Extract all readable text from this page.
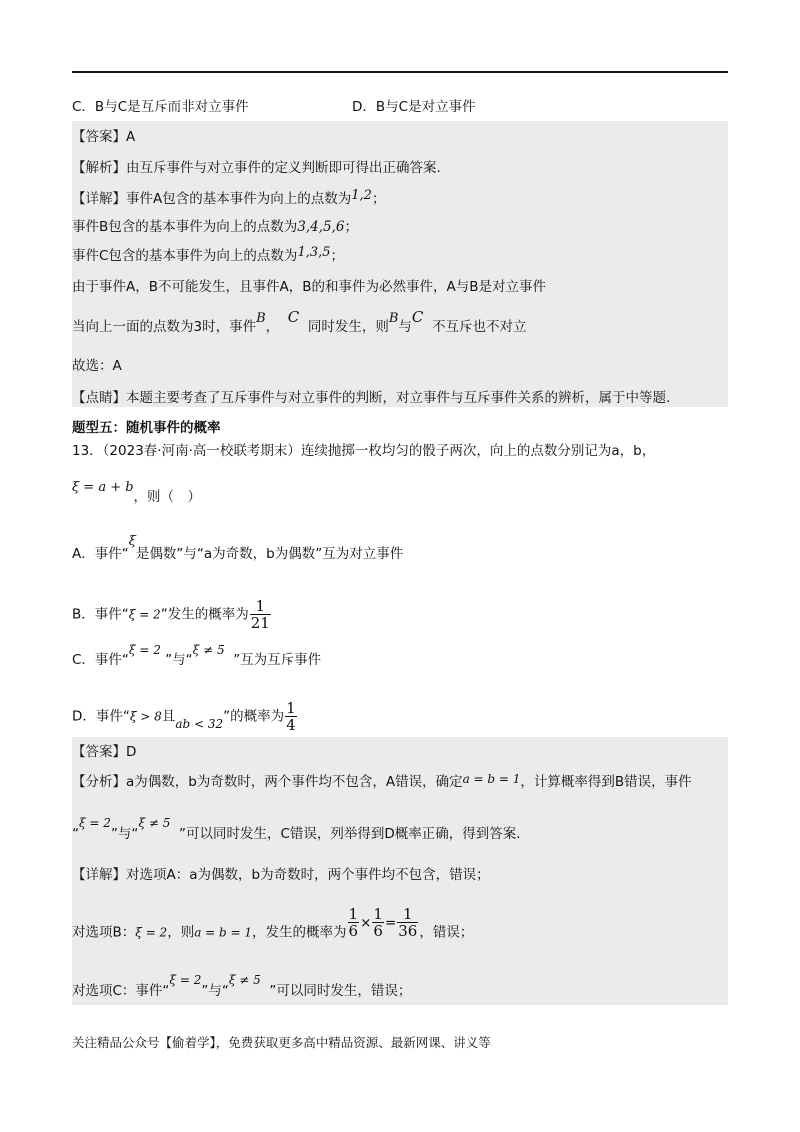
C．B与C是互斥而非对立事件	D．B与C是对立事件
【答案】A
【解析】由互斥事件与对立事件的定义判断即可得出正确答案.
【详解】事件A包含的基本事件为向上的点数为1,2；
事件B包含的基本事件为向上的点数为3,4,5,6；
事件C包含的基本事件为向上的点数为1,3,5；
由于事件A，B不可能发生，且事件A，B的和事件为必然事件，A与B是对立事件
当向上一面的点数为3时，事件B，  C  同时发生，则B与C  不互斥也不对立
故选：A
【点睛】本题主要考查了互斥事件与对立事件的判断，对立事件与互斥事件关系的辨析，属于中等题.
题型五：随机事件的概率
13．（2023春·河南·高一校联考期末）连续抛掷一枚均匀的骰子两次，向上的点数分别记为a，b，
ξ = a + b，则（　）
A．事件“ξ是偶数”与“a为奇数，b为偶数”互为对立事件
B．事件“ξ = 2”发生的概率为 $\frac{1}{21}$
C．事件“ξ = 2 ”与“ξ ≠ 5  ”互为互斥事件
D．事件“ξ > 8且ab < 32”的概率为 $\frac{1}{4}$
【答案】D
【分析】a为偶数，b为奇数时，两个事件均不包含，A错误，确定a = b = 1，计算概率得到B错误，事件
“ξ = 2”与“ξ ≠ 5  ”可以同时发生，C错误，列举得到D概率正确，得到答案.
【详解】对选项A：a为偶数，b为奇数时，两个事件均不包含，错误；
对选项B：ξ = 2，则a = b = 1，发生的概率为 $\frac{1}{6} \times \frac{1}{6} = \frac{1}{36}$ ，错误；
对选项C：事件“ξ = 2”与“ξ ≠ 5  ”可以同时发生，错误；
关注精品公众号【偷着学】，免费获取更多高中精品资源、最新网课、讲义等
